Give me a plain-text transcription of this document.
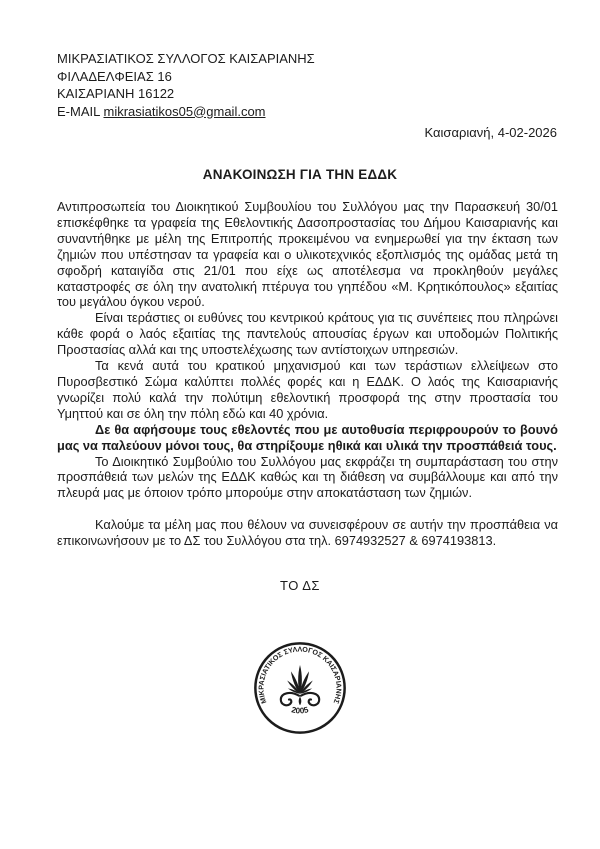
ΜΙΚΡΑΣΙΑΤΙΚΟΣ ΣΥΛΛΟΓΟΣ ΚΑΙΣΑΡΙΑΝΗΣ
ΦΙΛΑΔΕΛΦΕΙΑΣ 16
ΚΑΙΣΑΡΙΑΝΗ 16122
E-MAIL mikrasiatikos05@gmail.com
Καισαριανή, 4-02-2026
ΑΝΑΚΟΙΝΩΣΗ ΓΙΑ ΤΗΝ ΕΔΔΚ

Αντιπροσωπεία του Διοικητικού Συμβουλίου του Συλλόγου μας την Παρασκευή 30/01 επισκέφθηκε τα γραφεία της Εθελοντικής Δασοπροστασίας του Δήμου Καισαριανής και συναντήθηκε με μέλη της Επιτροπής προκειμένου να ενημερωθεί για την έκταση των ζημιών που υπέστησαν τα γραφεία και ο υλικοτεχνικός εξοπλισμός της ομάδας μετά τη σφοδρή καταιγίδα στις 21/01 που είχε ως αποτέλεσμα να προκληθούν μεγάλες καταστροφές σε όλη την ανατολική πτέρυγα του γηπέδου «Μ. Κρητικόπουλος» εξαιτίας του μεγάλου όγκου νερού.

Είναι τεράστιες οι ευθύνες του κεντρικού κράτους για τις συνέπειες που πληρώνει κάθε φορά ο λαός εξαιτίας της παντελούς απουσίας έργων και υποδομών Πολιτικής Προστασίας αλλά και της υποστελέχωσης των αντίστοιχων υπηρεσιών.

Τα κενά αυτά του κρατικού μηχανισμού και των τεράστιων ελλείψεων στο Πυροσβεστικό Σώμα καλύπτει πολλές φορές και η ΕΔΔΚ. Ο λαός της Καισαριανής γνωρίζει πολύ καλά την πολύτιμη εθελοντική προσφορά της στην προστασία του Υμηττού και σε όλη την πόλη εδώ και 40 χρόνια.

Δε θα αφήσουμε τους εθελοντές που με αυτοθυσία περιφρουρούν το βουνό μας να παλεύουν μόνοι τους, θα στηρίξουμε ηθικά και υλικά την προσπάθειά τους.

Το Διοικητικό Συμβούλιο του Συλλόγου μας εκφράζει τη συμπαράσταση του στην προσπάθειά των μελών της ΕΔΔΚ καθώς και τη διάθεση να συμβάλλουμε και από την πλευρά μας με όποιον τρόπο μπορούμε στην αποκατάσταση των ζημιών.

Καλούμε τα μέλη μας που θέλουν να συνεισφέρουν σε αυτήν την προσπάθεια να επικοινωνήσουν με το ΔΣ του Συλλόγου στα τηλ. 6974932527 & 6974193813.

ΤΟ ΔΣ
ΜΙΚΡΑΣΙΑΤΙΚΟΣ ΣΥΛΛΟΓΟΣ ΚΑΙΣΑΡΙΑΝΗΣ
2005
